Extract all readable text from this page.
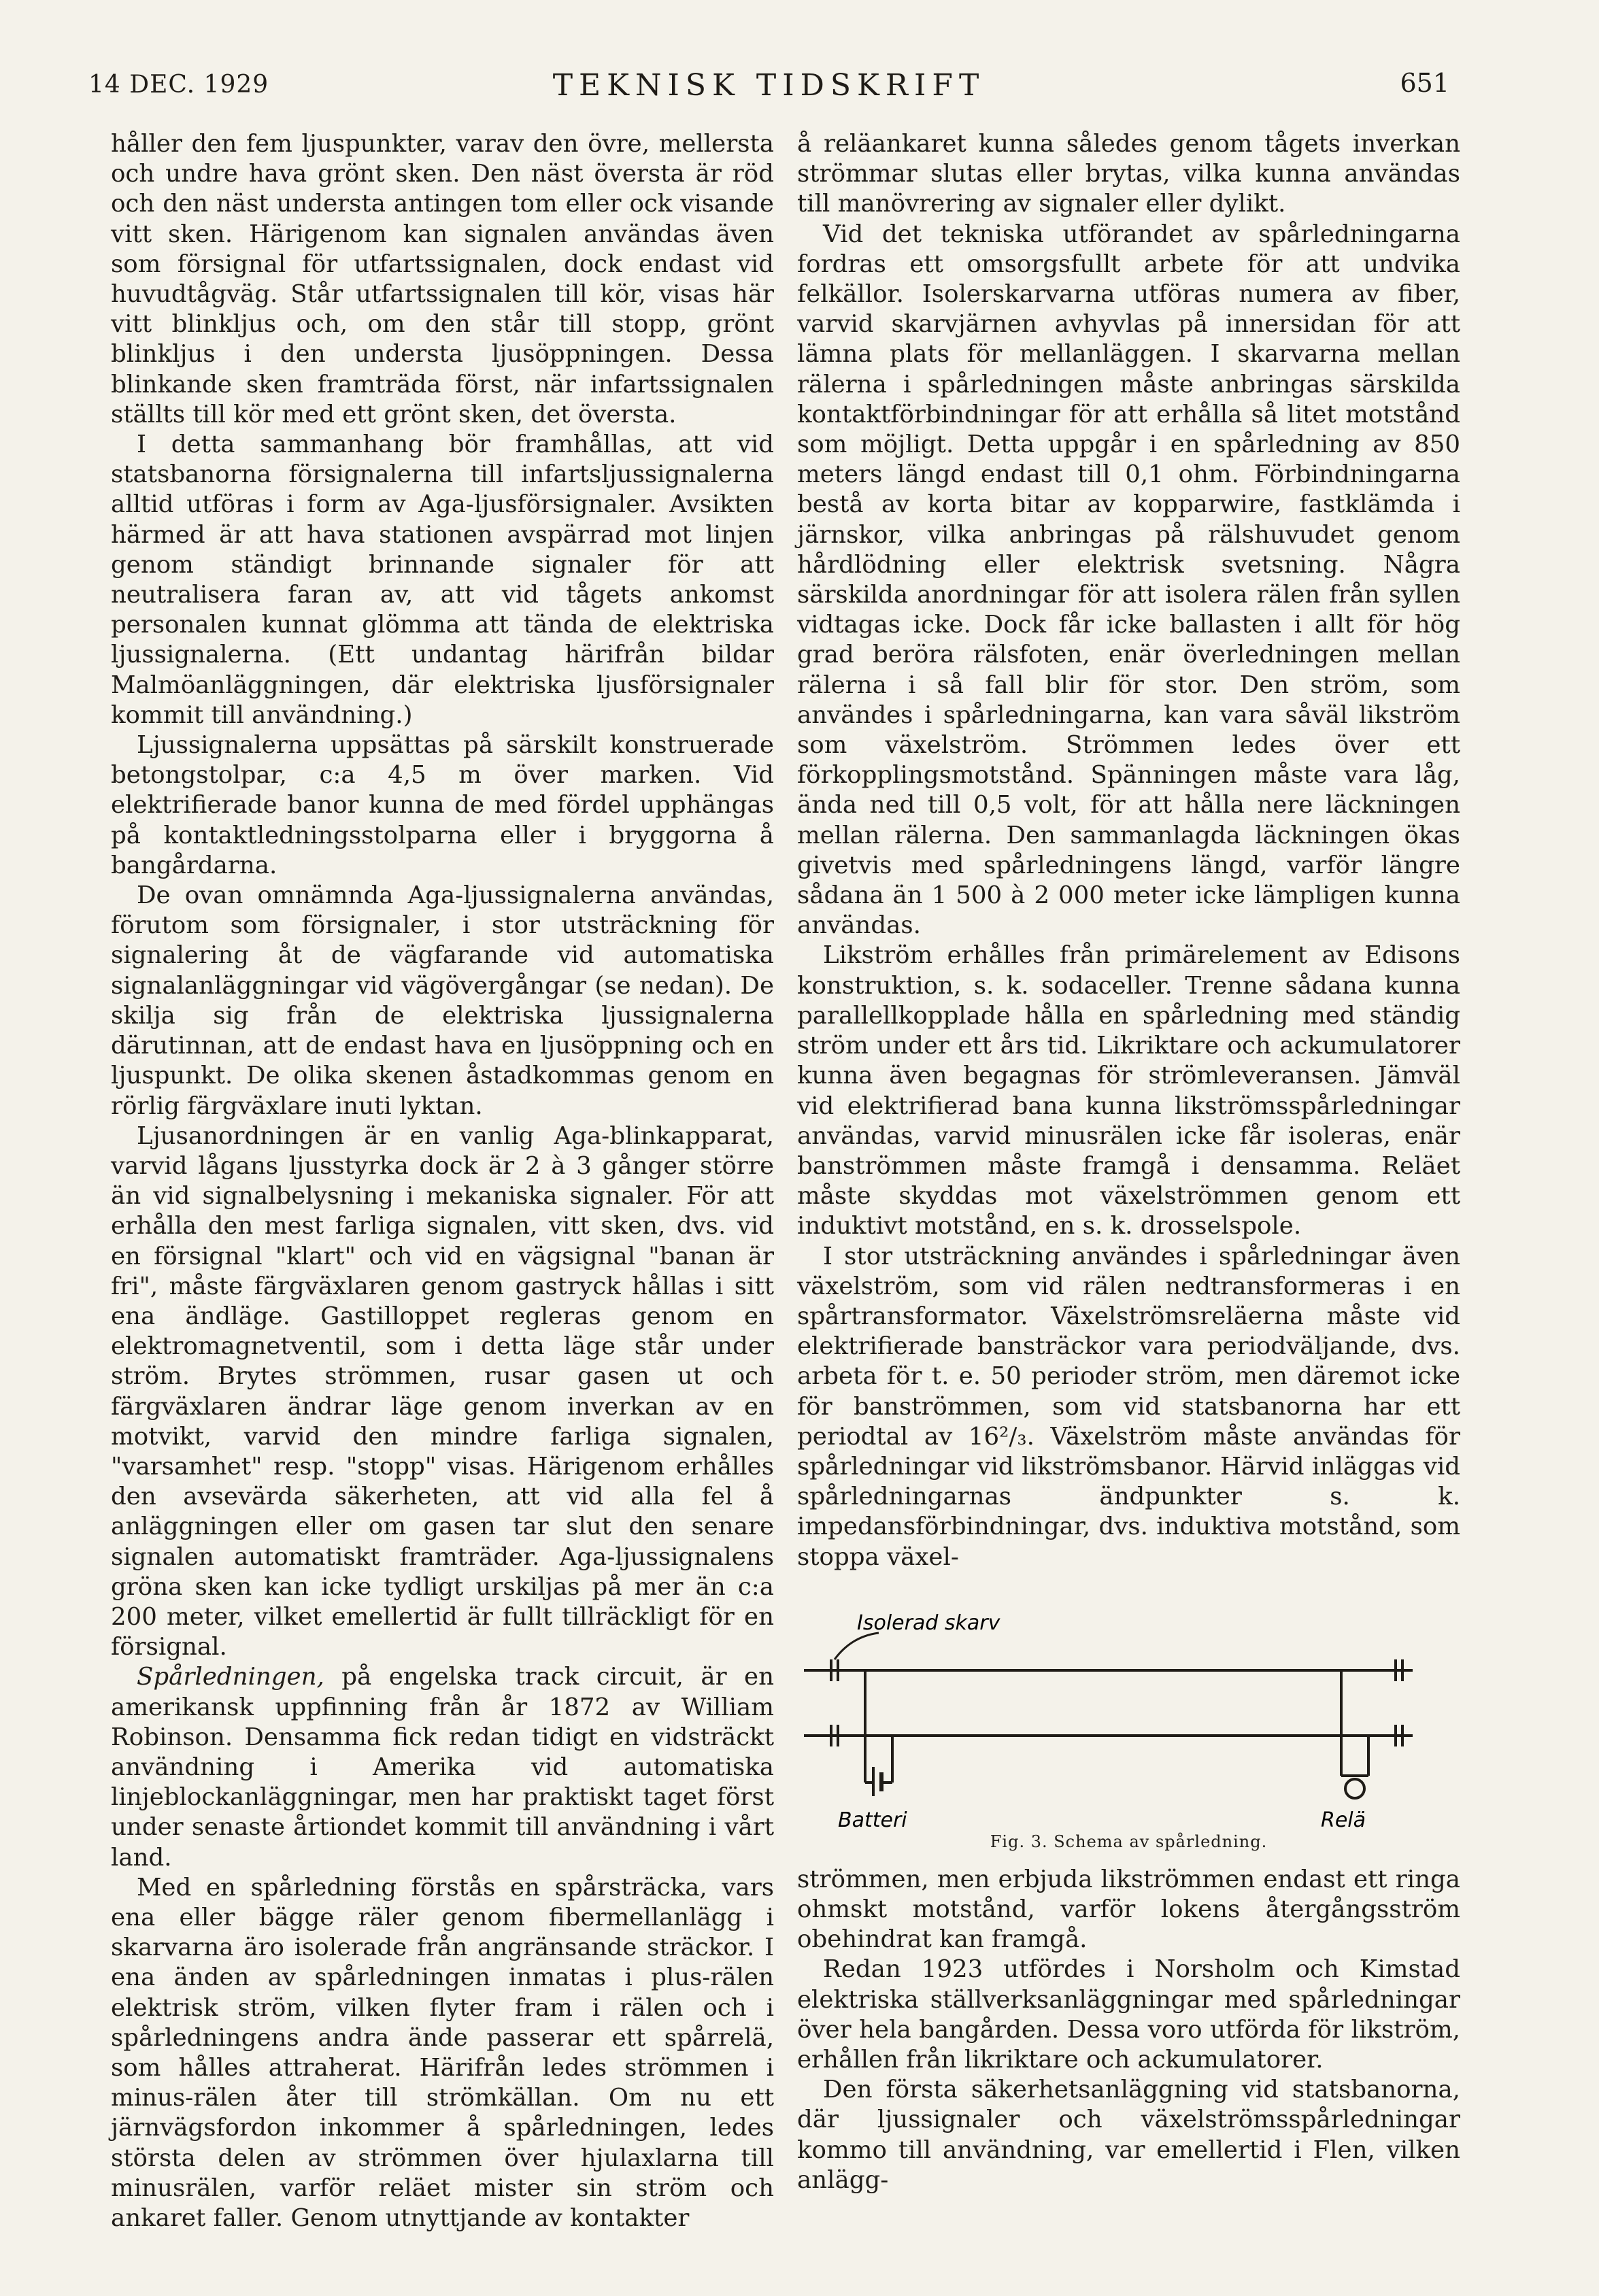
14 DEC. 1929	TEKNISK TIDSKRIFT	651

håller den fem ljuspunkter, varav den övre, mellersta och undre hava grönt sken. Den näst översta är röd och den näst understa antingen tom eller ock visande vitt sken. Härigenom kan signalen användas även som försignal för utfartssignalen, dock endast vid huvudtågväg. Står utfartssignalen till kör, visas här vitt blinkljus och, om den står till stopp, grönt blinkljus i den understa ljusöppningen. Dessa blinkande sken framträda först, när infartssignalen ställts till kör med ett grönt sken, det översta.

I detta sammanhang bör framhållas, att vid statsbanorna försignalerna till infartsljussignalerna alltid utföras i form av Aga-ljusförsignaler. Avsikten härmed är att hava stationen avspärrad mot linjen genom ständigt brinnande signaler för att neutralisera faran av, att vid tågets ankomst personalen kunnat glömma att tända de elektriska ljussignalerna. (Ett undantag härifrån bildar Malmöanläggningen, där elektriska ljusförsignaler kommit till användning.)

Ljussignalerna uppsättas på särskilt konstruerade betongstolpar, c:a 4,5 m över marken. Vid elektrifierade banor kunna de med fördel upphängas på kontaktledningsstolparna eller i bryggorna å bangårdarna.

De ovan omnämnda Aga-ljussignalerna användas, förutom som försignaler, i stor utsträckning för signalering åt de vägfarande vid automatiska signalanläggningar vid vägövergångar (se nedan). De skilja sig från de elektriska ljussignalerna därutinnan, att de endast hava en ljusöppning och en ljuspunkt. De olika skenen åstadkommas genom en rörlig färgväxlare inuti lyktan.

Ljusanordningen är en vanlig Aga-blinkapparat, varvid lågans ljusstyrka dock är 2 à 3 gånger större än vid signalbelysning i mekaniska signaler. För att erhålla den mest farliga signalen, vitt sken, dvs. vid en försignal "klart" och vid en vägsignal "banan är fri", måste färgväxlaren genom gastryck hållas i sitt ena ändläge. Gastilloppet regleras genom en elektromagnetventil, som i detta läge står under ström. Brytes strömmen, rusar gasen ut och färgväxlaren ändrar läge genom inverkan av en motvikt, varvid den mindre farliga signalen, "varsamhet" resp. "stopp" visas. Härigenom erhålles den avsevärda säkerheten, att vid alla fel å anläggningen eller om gasen tar slut den senare signalen automatiskt framträder. Aga-ljussignalens gröna sken kan icke tydligt urskiljas på mer än c:a 200 meter, vilket emellertid är fullt tillräckligt för en försignal.

Spårledningen, på engelska track circuit, är en amerikansk uppfinning från år 1872 av William Robinson. Densamma fick redan tidigt en vidsträckt användning i Amerika vid automatiska linjeblockanläggningar, men har praktiskt taget först under senaste årtiondet kommit till användning i vårt land.

Med en spårledning förstås en spårsträcka, vars ena eller bägge räler genom fibermellanlägg i skarvarna äro isolerade från angränsande sträckor. I ena änden av spårledningen inmatas i plus-rälen elektrisk ström, vilken flyter fram i rälen och i spårledningens andra ände passerar ett spårrelä, som hålles attraherat. Härifrån ledes strömmen i minus-rälen åter till strömkällan. Om nu ett järnvägsfordon inkommer å spårledningen, ledes största delen av strömmen över hjulaxlarna till minusrälen, varför reläet mister sin ström och ankaret faller. Genom utnyttjande av kontakter

å reläankaret kunna således genom tågets inverkan strömmar slutas eller brytas, vilka kunna användas till manövrering av signaler eller dylikt.

Vid det tekniska utförandet av spårledningarna fordras ett omsorgsfullt arbete för att undvika felkällor. Isolerskarvarna utföras numera av fiber, varvid skarvjärnen avhyvlas på innersidan för att lämna plats för mellanläggen. I skarvarna mellan rälerna i spårledningen måste anbringas särskilda kontaktförbindningar för att erhålla så litet motstånd som möjligt. Detta uppgår i en spårledning av 850 meters längd endast till 0,1 ohm. Förbindningarna bestå av korta bitar av kopparwire, fastklämda i järnskor, vilka anbringas på rälshuvudet genom hårdlödning eller elektrisk svetsning. Några särskilda anordningar för att isolera rälen från syllen vidtagas icke. Dock får icke ballasten i allt för hög grad beröra rälsfoten, enär överledningen mellan rälerna i så fall blir för stor. Den ström, som användes i spårledningarna, kan vara såväl likström som växelström. Strömmen ledes över ett förkopplingsmotstånd. Spänningen måste vara låg, ända ned till 0,5 volt, för att hålla nere läckningen mellan rälerna. Den sammanlagda läckningen ökas givetvis med spårledningens längd, varför längre sådana än 1 500 à 2 000 meter icke lämpligen kunna användas.

Likström erhålles från primärelement av Edisons konstruktion, s. k. sodaceller. Trenne sådana kunna parallellkopplade hålla en spårledning med ständig ström under ett års tid. Likriktare och ackumulatorer kunna även begagnas för strömleveransen. Jämväl vid elektrifierad bana kunna likströmsspårledningar användas, varvid minusrälen icke får isoleras, enär banströmmen måste framgå i densamma. Reläet måste skyddas mot växelströmmen genom ett induktivt motstånd, en s. k. drosselspole.

I stor utsträckning användes i spårledningar även växelström, som vid rälen nedtransformeras i en spårtransformator. Växelströmsreläerna måste vid elektrifierade bansträckor vara periodväljande, dvs. arbeta för t. e. 50 perioder ström, men däremot icke för banströmmen, som vid statsbanorna har ett periodtal av 16²/₃. Växelström måste användas för spårledningar vid likströmsbanor. Härvid inläggas vid spårledningarnas ändpunkter s. k. impedansförbindningar, dvs. induktiva motstånd, som stoppa växel-

Isolerad skarv
Batteri	Relä
Fig. 3. Schema av spårledning.

strömmen, men erbjuda likströmmen endast ett ringa ohmskt motstånd, varför lokens återgångsström obehindrat kan framgå.

Redan 1923 utfördes i Norsholm och Kimstad elektriska ställverksanläggningar med spårledningar över hela bangården. Dessa voro utförda för likström, erhållen från likriktare och ackumulatorer.

Den första säkerhetsanläggning vid statsbanorna, där ljussignaler och växelströmsspårledningar kommo till användning, var emellertid i Flen, vilken anlägg-
